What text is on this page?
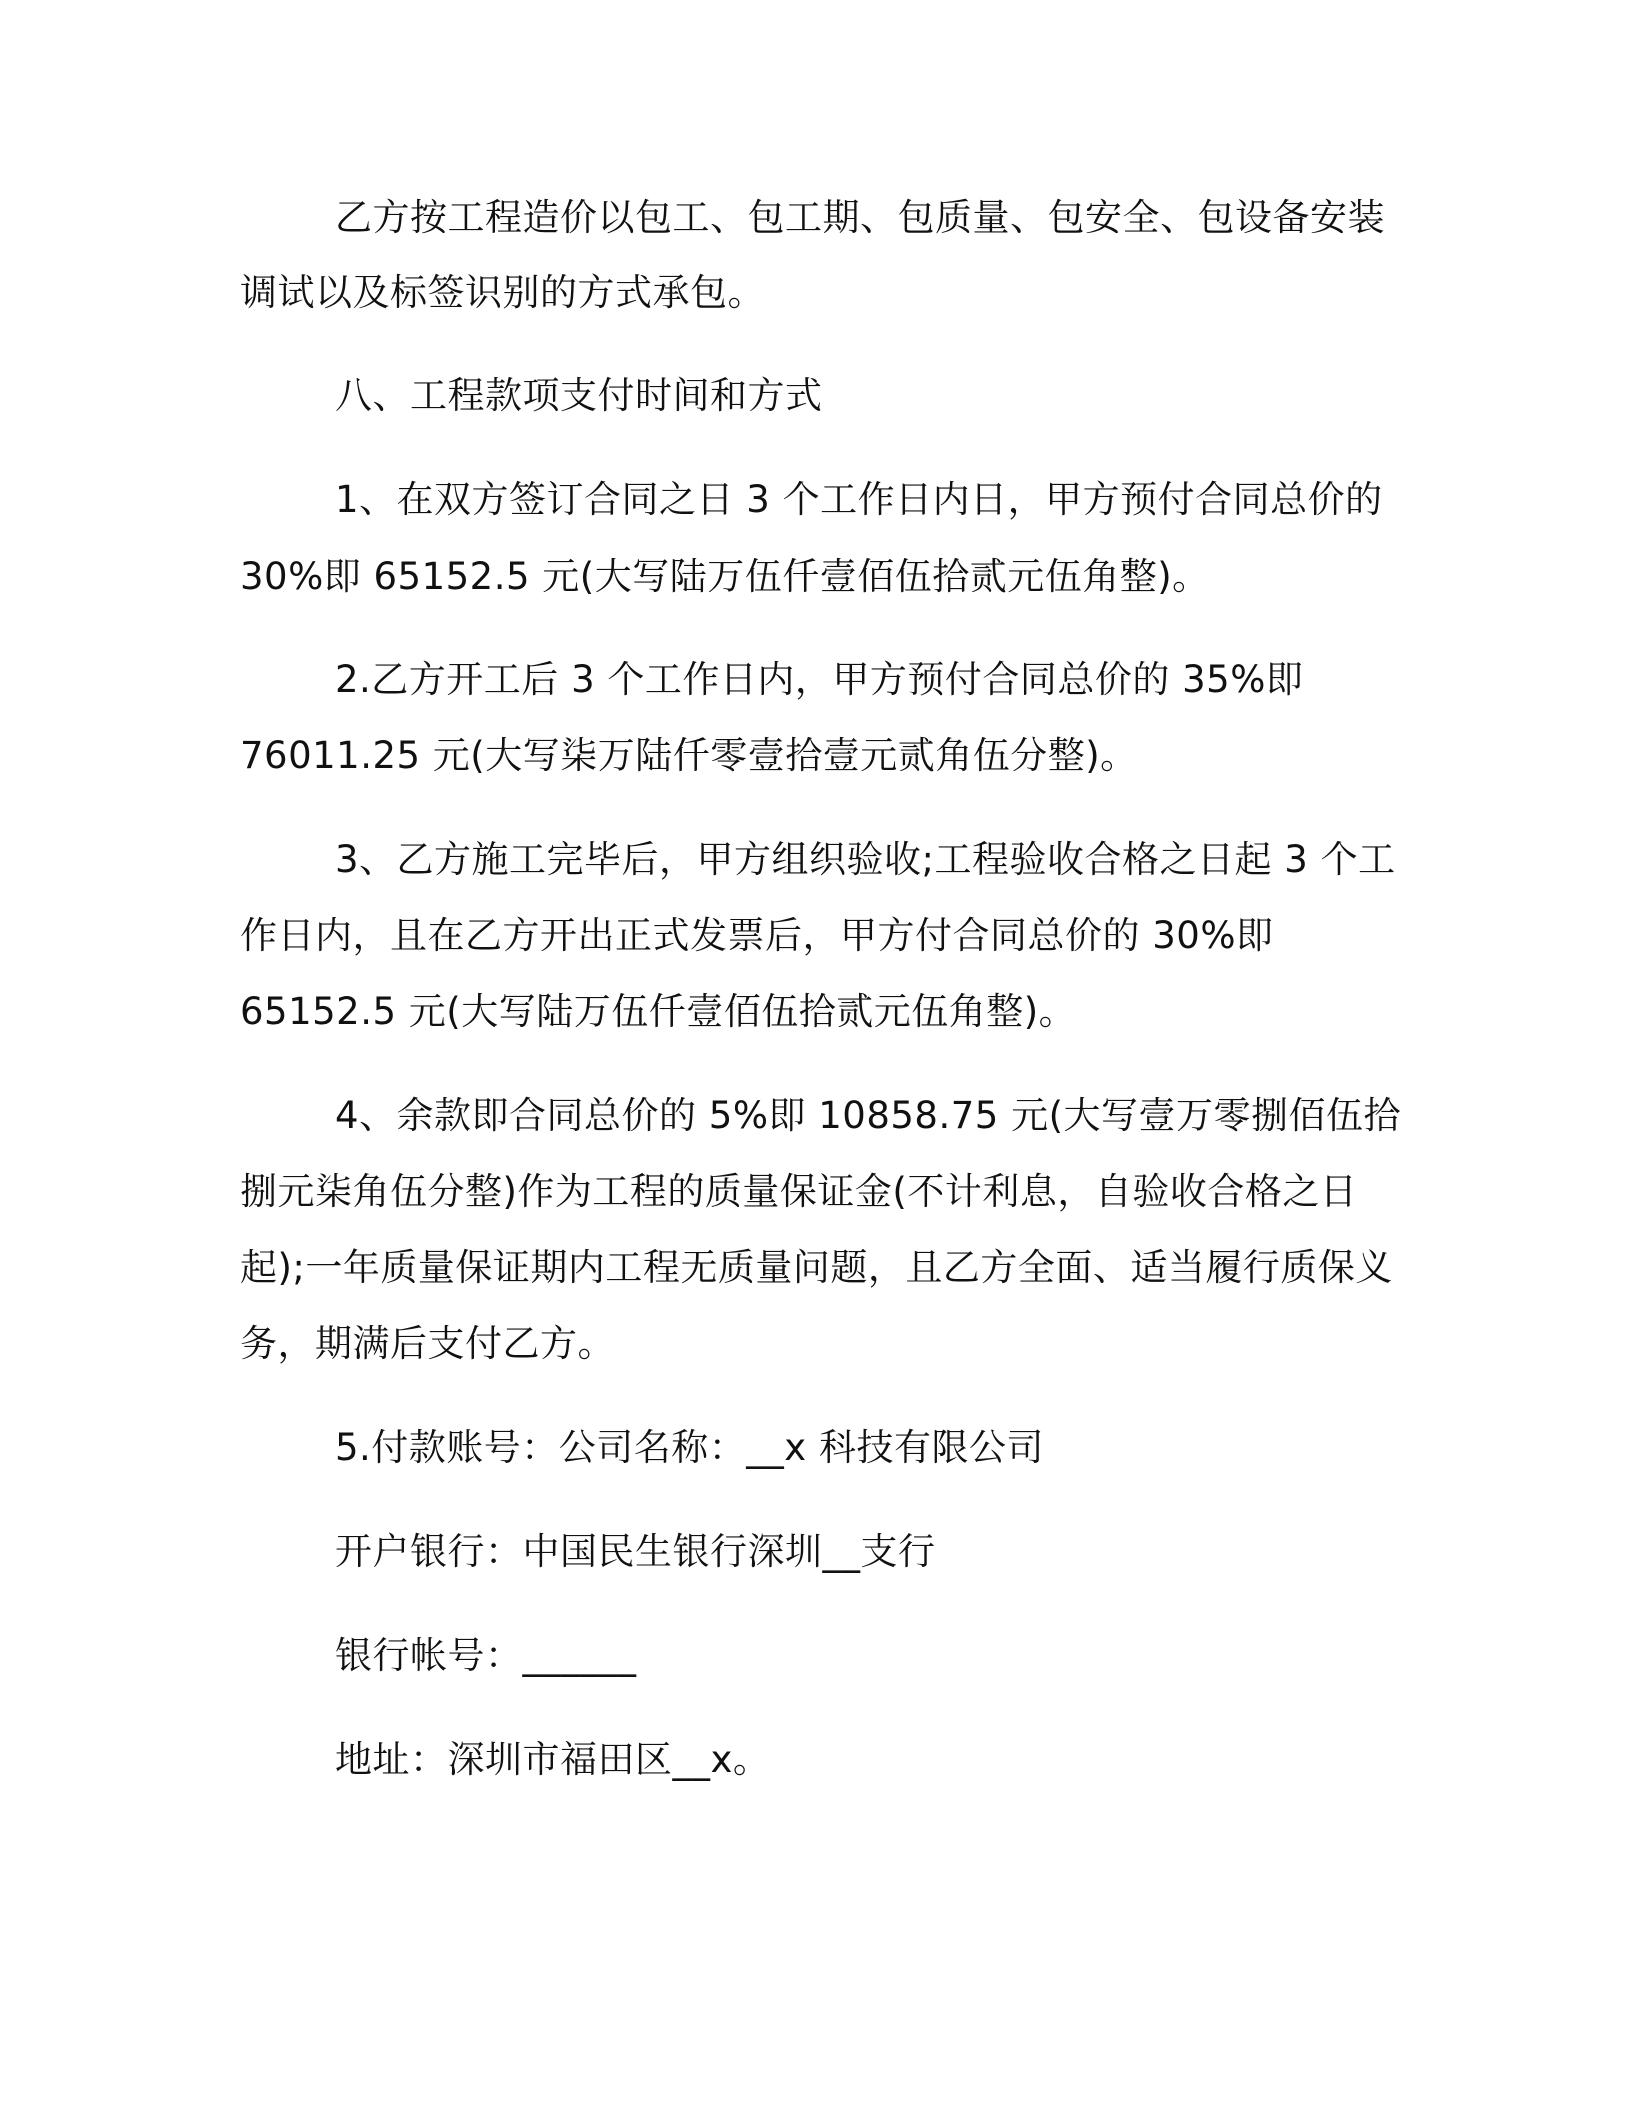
乙方按工程造价以包工、包工期、包质量、包安全、包设备安装
调试以及标签识别的方式承包。
八、工程款项支付时间和方式
1、在双方签订合同之日 3 个工作日内日，甲方预付合同总价的
30%即 65152.5 元(大写陆万伍仟壹佰伍拾贰元伍角整)。
2.乙方开工后 3 个工作日内，甲方预付合同总价的 35%即
76011.25 元(大写柒万陆仟零壹拾壹元贰角伍分整)。
3、乙方施工完毕后，甲方组织验收;工程验收合格之日起 3 个工
作日内，且在乙方开出正式发票后，甲方付合同总价的 30%即
65152.5 元(大写陆万伍仟壹佰伍拾贰元伍角整)。
4、余款即合同总价的 5%即 10858.75 元(大写壹万零捌佰伍拾
捌元柒角伍分整)作为工程的质量保证金(不计利息，自验收合格之日
起);一年质量保证期内工程无质量问题，且乙方全面、适当履行质保义
务，期满后支付乙方。
5.付款账号：公司名称：__x 科技有限公司
开户银行：中国民生银行深圳__支行
银行帐号：______
地址：深圳市福田区__x。
